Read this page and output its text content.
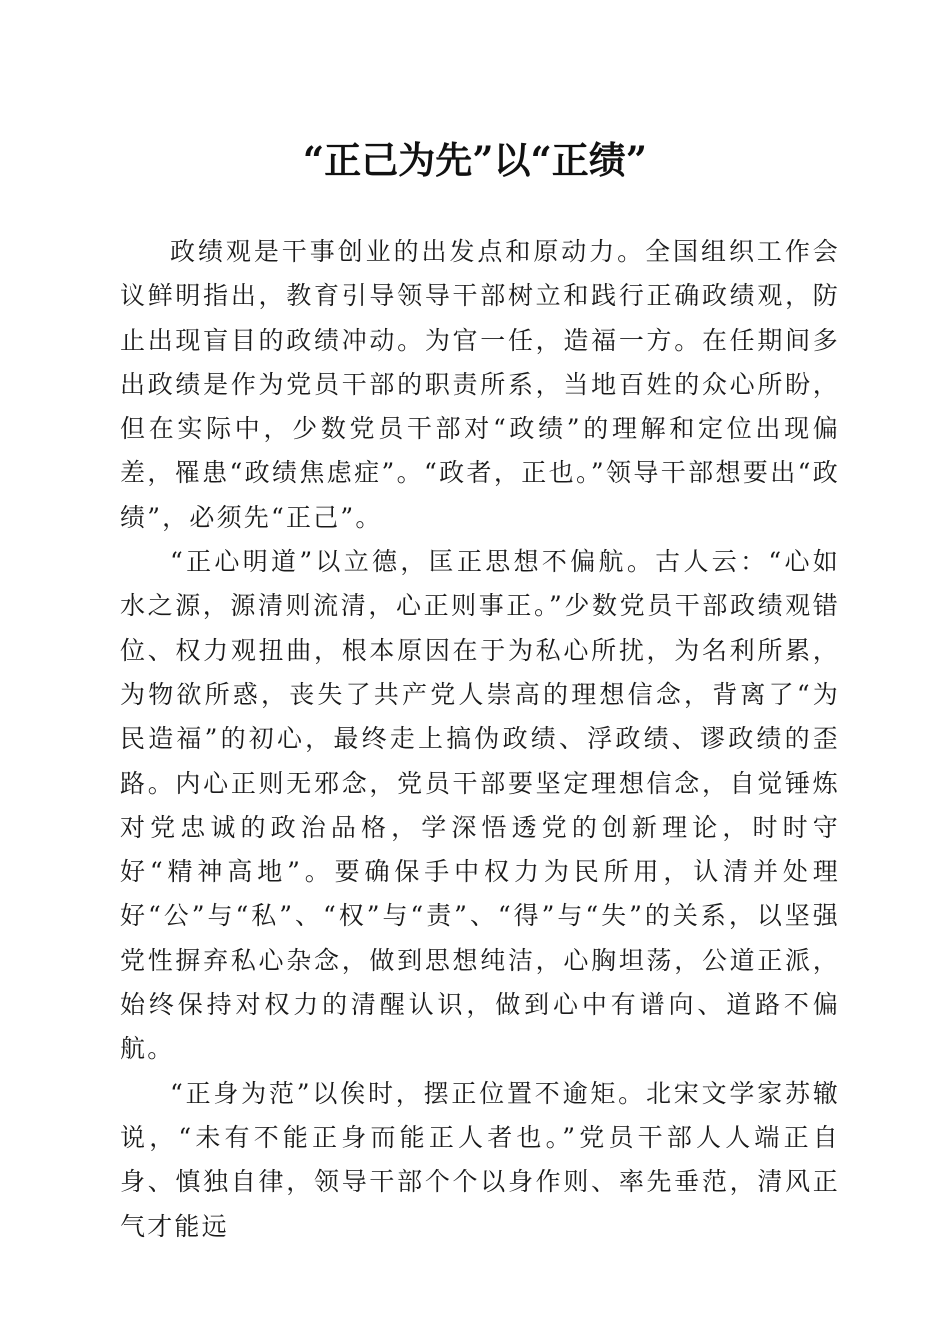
“正己为先”以“正绩”

政绩观是干事创业的出发点和原动力。全国组织工作会议鲜明指出，教育引导领导干部树立和践行正确政绩观，防止出现盲目的政绩冲动。为官一任，造福一方。在任期间多出政绩是作为党员干部的职责所系，当地百姓的众心所盼，但在实际中，少数党员干部对“政绩”的理解和定位出现偏差，罹患“政绩焦虑症”。“政者，正也。”领导干部想要出“政绩”，必须先“正己”。

“正心明道”以立德，匡正思想不偏航。古人云：“心如水之源，源清则流清，心正则事正。”少数党员干部政绩观错位、权力观扭曲，根本原因在于为私心所扰，为名利所累，为物欲所惑，丧失了共产党人崇高的理想信念，背离了“为民造福”的初心，最终走上搞伪政绩、浮政绩、谬政绩的歪路。内心正则无邪念，党员干部要坚定理想信念，自觉锤炼对党忠诚的政治品格，学深悟透党的创新理论，时时守好“精神高地”。要确保手中权力为民所用，认清并处理好“公”与“私”、“权”与“责”、“得”与“失”的关系，以坚强党性摒弃私心杂念，做到思想纯洁，心胸坦荡，公道正派，始终保持对权力的清醒认识，做到心中有谱向、道路不偏航。

“正身为范”以俟时，摆正位置不逾矩。北宋文学家苏辙说，“未有不能正身而能正人者也。”党员干部人人端正自身、慎独自律，领导干部个个以身作则、率先垂范，清风正气才能远
